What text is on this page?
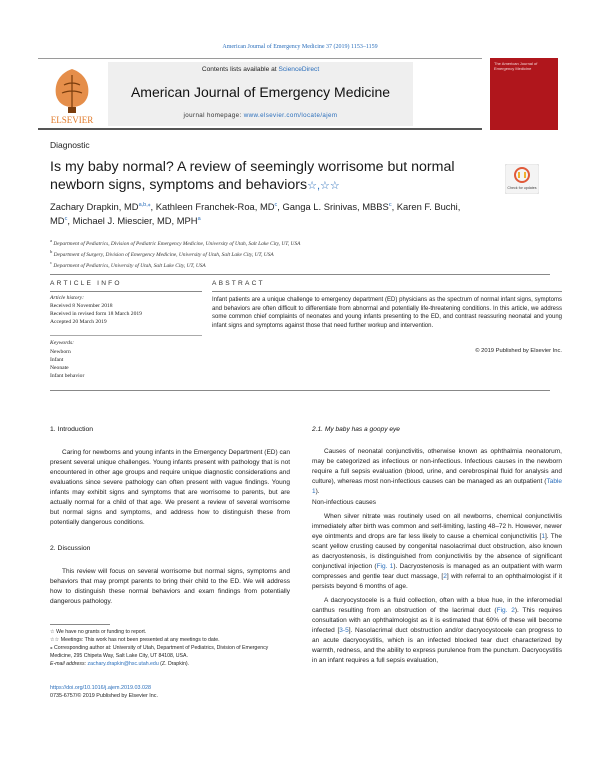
American Journal of Emergency Medicine 37 (2019) 1153–1159
ELSEVIER
Contents lists available at ScienceDirect
American Journal of Emergency Medicine
journal homepage: www.elsevier.com/locate/ajem
The American Journal of Emergency Medicine
Diagnostic
Is my baby normal? A review of seemingly worrisome but normal newborn signs, symptoms and behaviors☆,☆☆	Check for updates
Zachary Drapkin, $MD^{a,b,⁎}$, Kathleen Franchek-Roa, $MD^c$, Ganga L. Srinivas, MBBS$^c$, Karen F. Buchi, $MD^c$, Michael J. Miescier, MD, MPH$^a$
$^a$ Department of Pediatrics, Division of Pediatric Emergency Medicine, University of Utah, Salt Lake City, UT, USA
$^b$ Department of Surgery, Division of Emergency Medicine, University of Utah, Salt Lake City, UT, USA
$^c$ Department of Pediatrics, University of Utah, Salt Lake City, UT, USA
ARTICLE INFO	ABSTRACT
Article history:
Received 8 November 2018
Received in revised form 18 March 2019
Accepted 20 March 2019
Keywords:
Newborn
Infant
Neonate
Infant behavior
Infant patients are a unique challenge to emergency department (ED) physicians as the spectrum of normal infant signs, symptoms and behaviors are often difficult to differentiate from abnormal and potentially life-threatening conditions. In this article, we address some common chief complaints of neonates and young infants presenting to the ED, and contrast reassuring neonatal and young infant signs and symptoms against those that need further workup and intervention.
© 2019 Published by Elsevier Inc.
1. Introduction

Caring for newborns and young infants in the Emergency Department (ED) can present several unique challenges. Young infants present with pathology that is not encountered in other age groups and require unique diagnostic considerations and evaluations since severe pathology can often present with vague findings. Young infants may exhibit signs and symptoms that are worrisome to parents, but are actually normal for a child of that age. We present a review of several worrisome but normal signs and symptoms, and address how to distinguish these from potentially dangerous conditions.

2. Discussion

This review will focus on several worrisome but normal signs, symptoms and behaviors that may prompt parents to bring their child to the ED. We will address how to distinguish these normal behaviors and exam findings from potentially dangerous pathology.

2.1. My baby has a goopy eye

Causes of neonatal conjunctivitis, otherwise known as ophthalmia neonatorum, may be categorized as infectious or non-infectious. Infectious causes in the newborn require a full sepsis evaluation (blood, urine, and cerebrospinal fluid for analysis and culture), whereas most non-infectious causes can be managed as an outpatient (Table 1).

Non-infectious causes

When silver nitrate was routinely used on all newborns, chemical conjunctivitis immediately after birth was common and self-limiting, lasting 48–72 h. However, newer eye ointments and drops are far less likely to cause a chemical conjunctivitis [1]. The scant yellow crusting caused by congenital nasolacrimal duct obstruction, also known as dacryostenosis, is distinguished from conjunctivitis by the absence of significant conjunctival injection (Fig. 1). Dacryostenosis is managed as an outpatient with warm compresses and gentle tear duct massage, [2] with referral to an ophthalmologist if it persists beyond 6 months of age.

A dacryocystocele is a fluid collection, often with a blue hue, in the inferomedial canthus resulting from an obstruction of the lacrimal duct (Fig. 2). This requires consultation with an ophthalmologist as it is estimated that 60% of these will become infected [3-5]. Nasolacrimal duct obstruction and/or dacryocystocele can progress to an acute dacryocystitis, which is an infected blocked tear duct characterized by warmth, redness, and the ability to express purulence from the punctum. Dacryocystitis in an infant requires a full sepsis evaluation,

☆ We have no grants or funding to report.
☆☆ Meetings: This work has not been presented at any meetings to date.
⁎ Corresponding author at: University of Utah, Department of Pediatrics, Division of Emergency Medicine, 295 Chipeta Way, Salt Lake City, UT 84108, USA.
E-mail address: zachary.drapkin@hsc.utah.edu (Z. Drapkin).
https://doi.org/10.1016/j.ajem.2019.03.028
0735-6757/© 2019 Published by Elsevier Inc.
